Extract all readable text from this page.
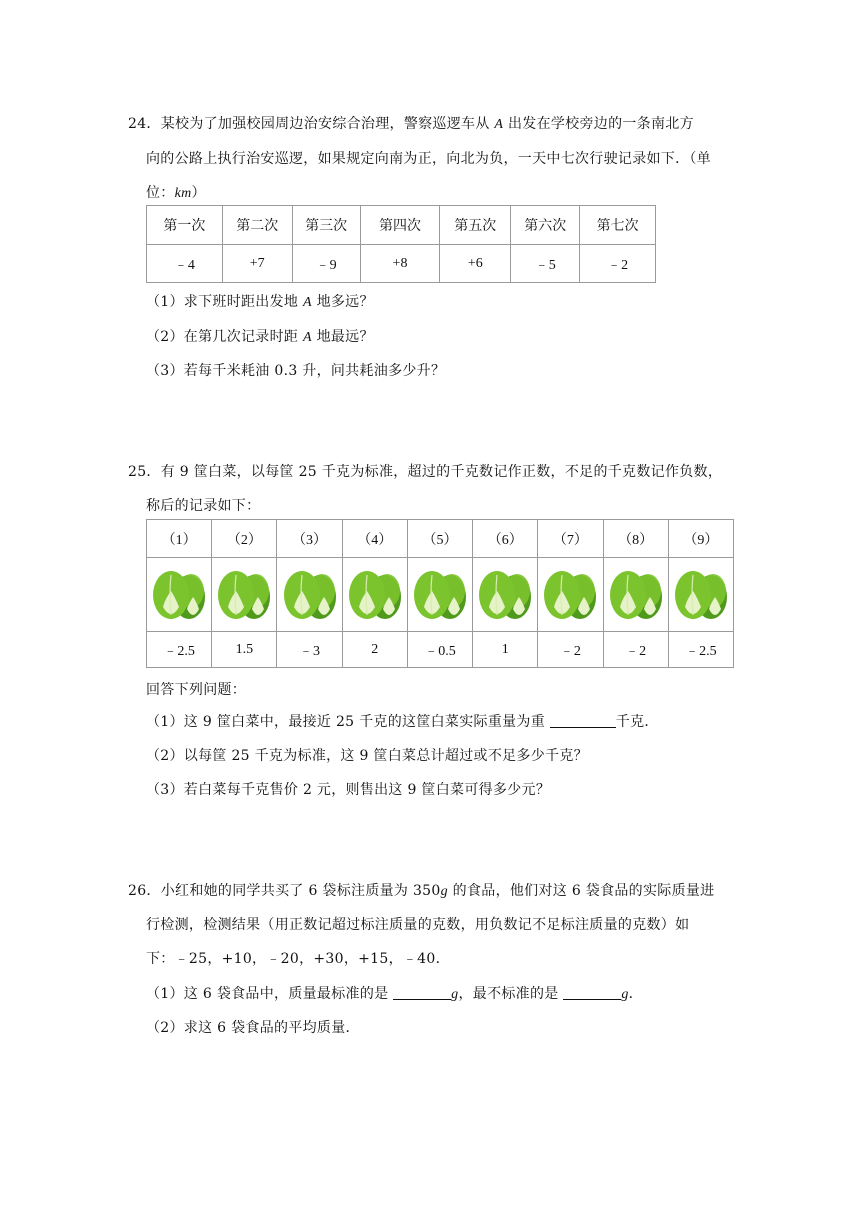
24．某校为了加强校园周边治安综合治理，警察巡逻车从 A 出发在学校旁边的一条南北方
向的公路上执行治安巡逻，如果规定向南为正，向北为负，一天中七次行驶记录如下．（单
位：km）
第一次	第二次	第三次	第四次	第五次	第六次	第七次
﹣4	+7	﹣9	+8	+6	﹣5	﹣2
（1）求下班时距出发地 A 地多远？
（2）在第几次记录时距 A 地最远？
（3）若每千米耗油 0.3 升，问共耗油多少升？
25．有 9 筐白菜，以每筐 25 千克为标准，超过的千克数记作正数，不足的千克数记作负数，
称后的记录如下：
（1）	（2）	（3）	（4）	（5）	（6）	（7）	（8）	（9）

﹣2.5	1.5	﹣3	2	﹣0.5	1	﹣2	﹣2	﹣2.5
回答下列问题：
（1）这 9 筐白菜中，最接近 25 千克的这筐白菜实际重量为重	千克．
（2）以每筐 25 千克为标准，这 9 筐白菜总计超过或不足多少千克？
（3）若白菜每千克售价 2 元，则售出这 9 筐白菜可得多少元？
26．小红和她的同学共买了 6 袋标注质量为 350g 的食品，他们对这 6 袋食品的实际质量进
行检测，检测结果（用正数记超过标注质量的克数，用负数记不足标注质量的克数）如
下：﹣25，+10，﹣20，+30，+15，﹣40．
（1）这 6 袋食品中，质量最标准的是	g，最不标准的是	g．
（2）求这 6 袋食品的平均质量．
